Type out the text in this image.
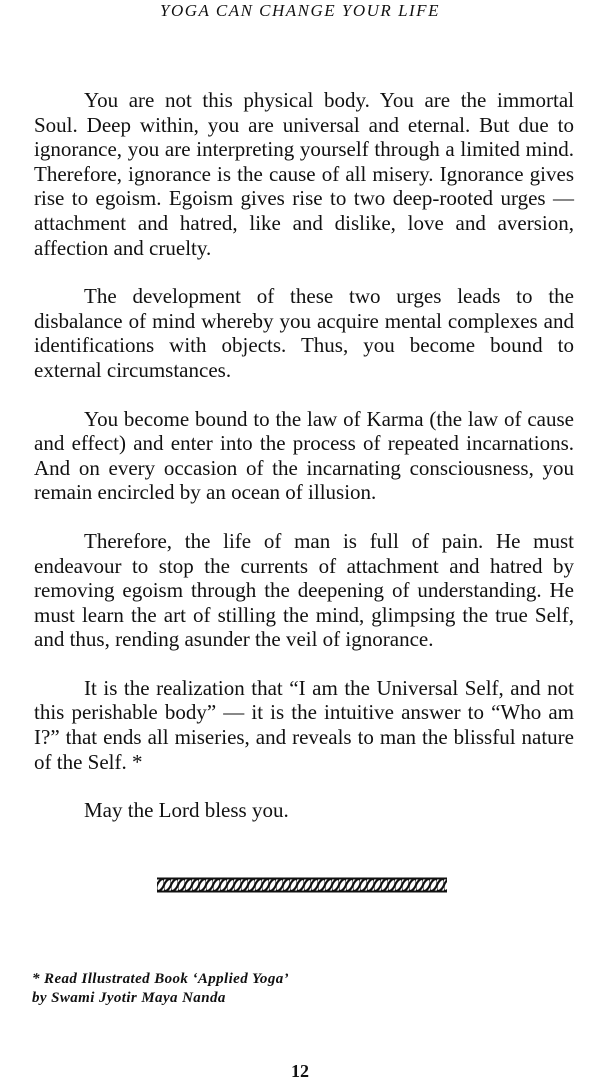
YOGA CAN CHANGE YOUR LIFE

You are not this physical body. You are the immortal Soul. Deep within, you are universal and eternal. But due to ignorance, you are interpreting yourself through a limited mind. Therefore, ignorance is the cause of all misery. Ignorance gives rise to egoism. Egoism gives rise to two deep-rooted urges — attachment and hatred, like and dislike, love and aversion, affection and cruelty.

The development of these two urges leads to the disbalance of mind whereby you acquire mental complexes and identifications with objects. Thus, you become bound to external circumstances.

You become bound to the law of Karma (the law of cause and effect) and enter into the process of repeated incarnations. And on every occasion of the incarnating consciousness, you remain encircled by an ocean of illusion.

Therefore, the life of man is full of pain. He must endeavour to stop the currents of attachment and hatred by removing egoism through the deepening of understanding. He must learn the art of stilling the mind, glimpsing the true Self, and thus, rending asunder the veil of ignorance.

It is the realization that “I am the Universal Self, and not this perishable body” — it is the intuitive answer to “Who am I?” that ends all miseries, and reveals to man the blissful nature of the Self. *

May the Lord bless you.

* Read Illustrated Book ‘Applied Yoga’
by Swami Jyotir Maya Nanda
12
